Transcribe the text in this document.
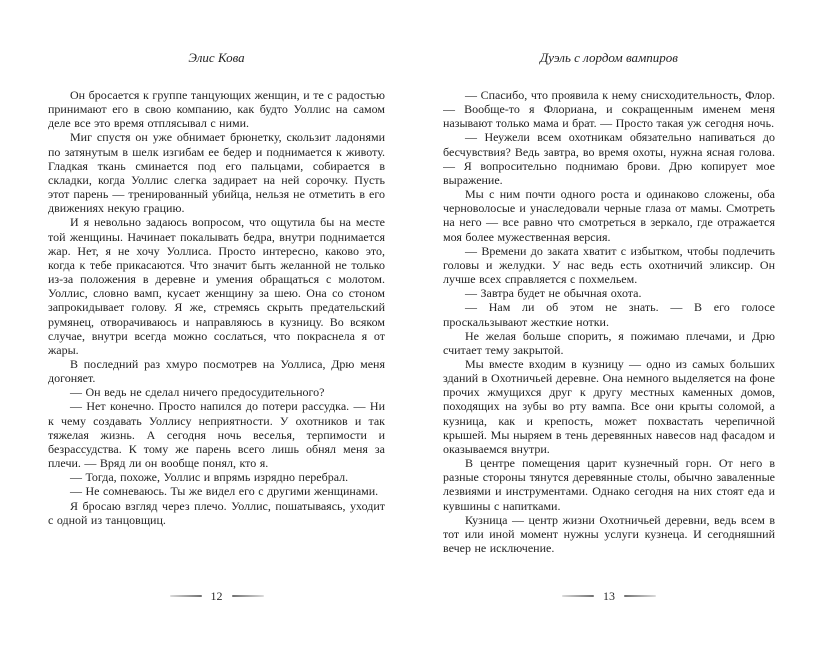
Элис Кова

Он бросается к группе танцующих женщин, и те с радостью принимают его в свою компанию, как будто Уоллис на самом деле все это время отплясывал с ними.

Миг спустя он уже обнимает брюнетку, скользит ладонями по затянутым в шелк изгибам ее бедер и поднимается к животу. Гладкая ткань сминается под его пальцами, собирается в складки, когда Уоллис слегка задирает на ней сорочку. Пусть этот парень — тренированный убийца, нельзя не отметить в его движениях некую грацию.

И я невольно задаюсь вопросом, что ощутила бы на месте той женщины. Начинает покалывать бедра, внутри поднимается жар. Нет, я не хочу Уоллиса. Просто интересно, каково это, когда к тебе прикасаются. Что значит быть желанной не только из-за положения в деревне и умения обращаться с молотом. Уоллис, словно вамп, кусает женщину за шею. Она со стоном запрокидывает голову. Я же, стремясь скрыть предательский румянец, отворачиваюсь и направляюсь в кузницу. Во всяком случае, внутри всегда можно сослаться, что покраснела я от жары.

В последний раз хмуро посмотрев на Уоллиса, Дрю меня догоняет.

— Он ведь не сделал ничего предосудительного?

— Нет конечно. Просто напился до потери рассудка. — Ни к чему создавать Уоллису неприятности. У охотников и так тяжелая жизнь. А сегодня ночь веселья, терпимости и безрассудства. К тому же парень всего лишь обнял меня за плечи. — Вряд ли он вообще понял, кто я.

— Тогда, похоже, Уоллис и впрямь изрядно перебрал.

— Не сомневаюсь. Ты же видел его с другими женщинами.

Я бросаю взгляд через плечо. Уоллис, пошатываясь, уходит с одной из танцовщиц.

Дуэль с лордом вампиров

— Спасибо, что проявила к нему снисходительность, Флор. — Вообще-то я Флориана, и сокращенным именем меня называют только мама и брат. — Просто такая уж сегодня ночь.

— Неужели всем охотникам обязательно напиваться до бесчувствия? Ведь завтра, во время охоты, нужна ясная голова. — Я вопросительно поднимаю брови. Дрю копирует мое выражение.

Мы с ним почти одного роста и одинаково сложены, оба черноволосые и унаследовали черные глаза от мамы. Смотреть на него — все равно что смотреться в зеркало, где отражается моя более мужественная версия.

— Времени до заката хватит с избытком, чтобы подлечить головы и желудки. У нас ведь есть охотничий эликсир. Он лучше всех справляется с похмельем.

— Завтра будет не обычная охота.

— Нам ли об этом не знать. — В его голосе проскальзывают жесткие нотки.

Не желая больше спорить, я пожимаю плечами, и Дрю считает тему закрытой.

Мы вместе входим в кузницу — одно из самых больших зданий в Охотничьей деревне. Она немного выделяется на фоне прочих жмущихся друг к другу местных каменных домов, походящих на зубы во рту вампа. Все они крыты соломой, а кузница, как и крепость, может похвастать черепичной крышей. Мы ныряем в тень деревянных навесов над фасадом и оказываемся внутри.

В центре помещения царит кузнечный горн. От него в разные стороны тянутся деревянные столы, обычно заваленные лезвиями и инструментами. Однако сегодня на них стоят еда и кувшины с напитками.

Кузница — центр жизни Охотничьей деревни, ведь всем в тот или иной момент нужны услуги кузнеца. И сегодняшний вечер не исключение.

12	13
